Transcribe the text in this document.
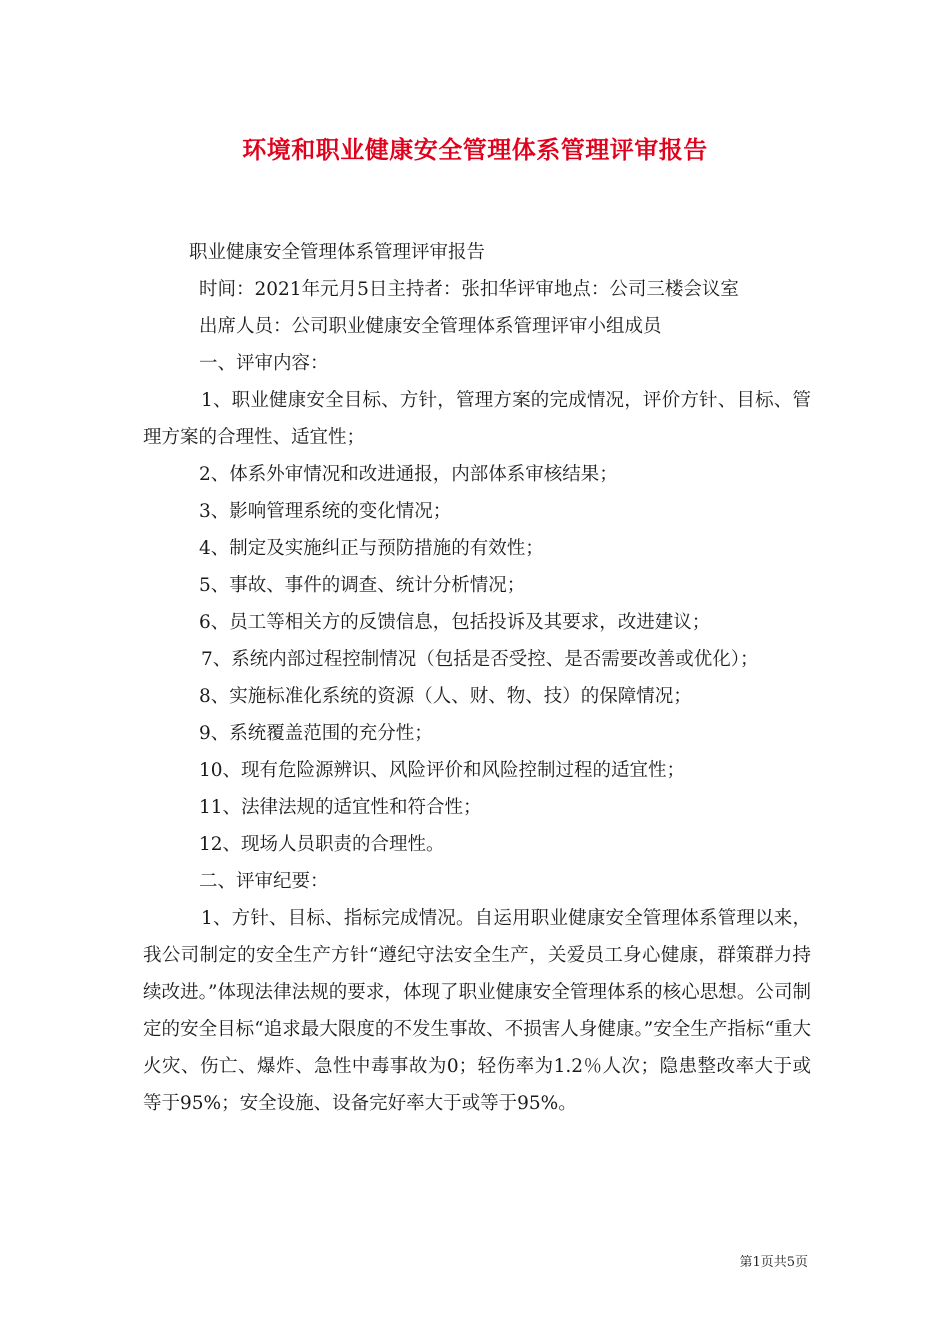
环境和职业健康安全管理体系管理评审报告

职业健康安全管理体系管理评审报告

时间：2021年元月5日主持者：张扣华评审地点：公司三楼会议室

出席人员：公司职业健康安全管理体系管理评审小组成员

一、评审内容：

1、职业健康安全目标、方针，管理方案的完成情况，评价方针、目标、管理方案的合理性、适宜性；

2、体系外审情况和改进通报，内部体系审核结果；

3、影响管理系统的变化情况；

4、制定及实施纠正与预防措施的有效性；

5、事故、事件的调查、统计分析情况；

6、员工等相关方的反馈信息，包括投诉及其要求，改进建议；

7、系统内部过程控制情况（包括是否受控、是否需要改善或优化）；

8、实施标准化系统的资源（人、财、物、技）的保障情况；

9、系统覆盖范围的充分性；

10、现有危险源辨识、风险评价和风险控制过程的适宜性；

11、法律法规的适宜性和符合性；

12、现场人员职责的合理性。

二、评审纪要：

1、方针、目标、指标完成情况。自运用职业健康安全管理体系管理以来，我公司制定的安全生产方针“遵纪守法安全生产，关爱员工身心健康，群策群力持续改进。”体现法律法规的要求，体现了职业健康安全管理体系的核心思想。公司制定的安全目标“追求最大限度的不发生事故、不损害人身健康。”安全生产指标“重大火灾、伤亡、爆炸、急性中毒事故为0；轻伤率为1.2％人次；隐患整改率大于或等于95%；安全设施、设备完好率大于或等于95%。

第1页共5页
